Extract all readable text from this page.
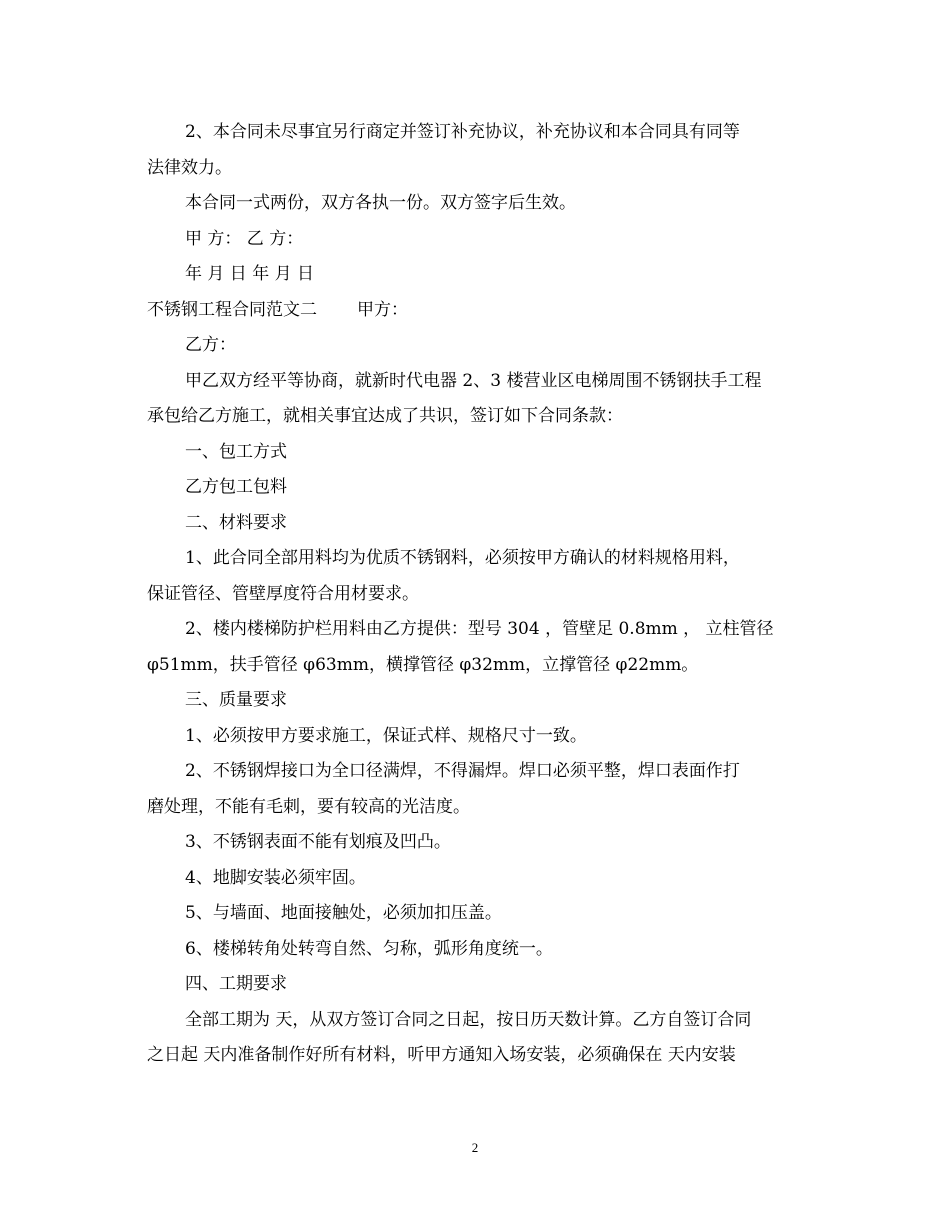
2、本合同未尽事宜另行商定并签订补充协议，补充协议和本合同具有同等

法律效力。

本合同一式两份，双方各执一份。双方签字后生效。

甲 方： 乙 方：

年 月 日 年 月 日

不锈钢工程合同范文二 甲方：

乙方：

甲乙双方经平等协商，就新时代电器 2、3 楼营业区电梯周围不锈钢扶手工程

承包给乙方施工，就相关事宜达成了共识，签订如下合同条款：

一、包工方式

乙方包工包料

二、材料要求

1、此合同全部用料均为优质不锈钢料，必须按甲方确认的材料规格用料，

保证管径、管壁厚度符合用材要求。

2、楼内楼梯防护栏用料由乙方提供：型号 304 ，管壁足 0.8mm ， 立柱管径

φ51mm，扶手管径 φ63mm，横撑管径 φ32mm，立撑管径 φ22mm。

三、质量要求

1、必须按甲方要求施工，保证式样、规格尺寸一致。

2、不锈钢焊接口为全口径满焊，不得漏焊。焊口必须平整，焊口表面作打

磨处理，不能有毛刺，要有较高的光洁度。

3、不锈钢表面不能有划痕及凹凸。

4、地脚安装必须牢固。

5、与墙面、地面接触处，必须加扣压盖。

6、楼梯转角处转弯自然、匀称，弧形角度统一。

四、工期要求

全部工期为 天，从双方签订合同之日起，按日历天数计算。乙方自签订合同

之日起 天内准备制作好所有材料，听甲方通知入场安装，必须确保在 天内安装

2
